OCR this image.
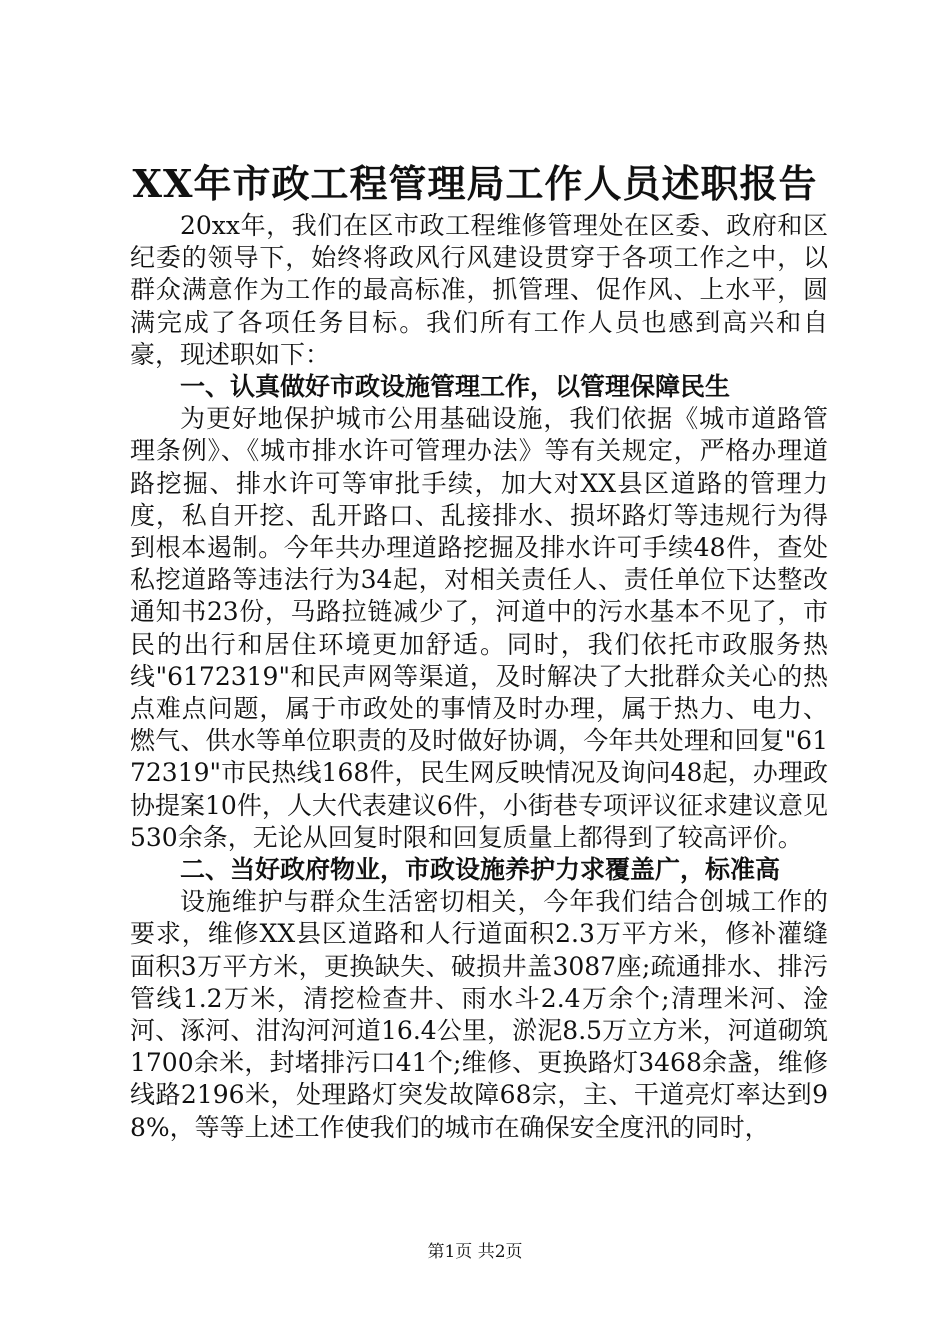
XX年市政工程管理局工作人员述职报告

20xx年，我们在区市政工程维修管理处在区委、政府和区纪委的领导下，始终将政风行风建设贯穿于各项工作之中，以群众满意作为工作的最高标准，抓管理、促作风、上水平，圆满完成了各项任务目标。我们所有工作人员也感到高兴和自豪，现述职如下：

一、认真做好市政设施管理工作，以管理保障民生

为更好地保护城市公用基础设施，我们依据《城市道路管理条例》、《城市排水许可管理办法》等有关规定，严格办理道路挖掘、排水许可等审批手续，加大对XX县区道路的管理力度，私自开挖、乱开路口、乱接排水、损坏路灯等违规行为得到根本遏制。今年共办理道路挖掘及排水许可手续48件，查处私挖道路等违法行为34起，对相关责任人、责任单位下达整改通知书23份，马路拉链减少了，河道中的污水基本不见了，市民的出行和居住环境更加舒适。同时，我们依托市政服务热线"6172319"和民声网等渠道，及时解决了大批群众关心的热点难点问题，属于市政处的事情及时办理，属于热力、电力、燃气、供水等单位职责的及时做好协调，今年共处理和回复"6172319"市民热线168件，民生网反映情况及询问48起，办理政协提案10件，人大代表建议6件，小街巷专项评议征求建议意见530余条，无论从回复时限和回复质量上都得到了较高评价。

二、当好政府物业，市政设施养护力求覆盖广，标准高

设施维护与群众生活密切相关，今年我们结合创城工作的要求，维修XX县区道路和人行道面积2.3万平方米，修补灌缝面积3万平方米，更换缺失、破损井盖3087座;疏通排水、排污管线1.2万米，清挖检查井、雨水斗2.4万余个;清理米河、淦河、涿河、泔沟河河道16.4公里，淤泥8.5万立方米，河道砌筑1700余米，封堵排污口41个;维修、更换路灯3468余盏，维修线路2196米，处理路灯突发故障68宗，主、干道亮灯率达到98%，等等上述工作使我们的城市在确保安全度汛的同时，

第1页 共2页
